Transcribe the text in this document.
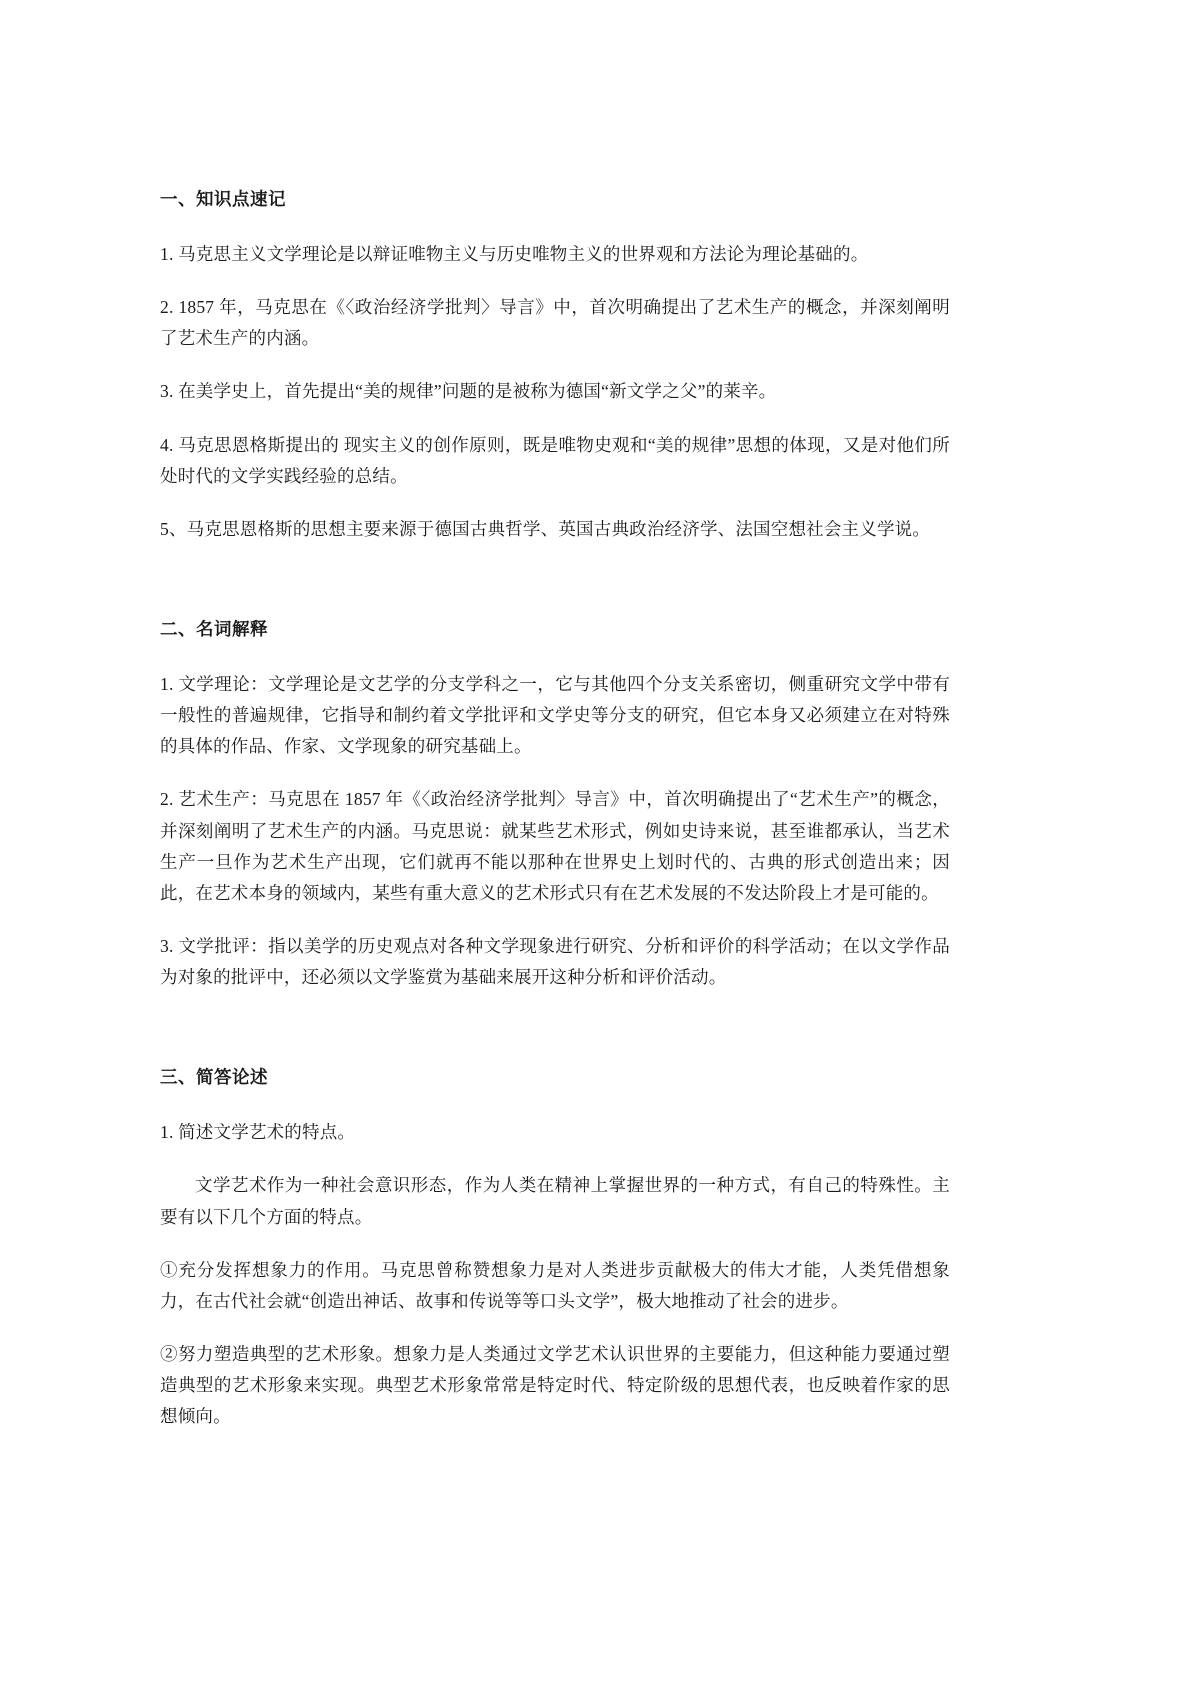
一、知识点速记

1. 马克思主义文学理论是以辩证唯物主义与历史唯物主义的世界观和方法论为理论基础的。

2. 1857 年，马克思在《〈政治经济学批判〉导言》中，首次明确提出了艺术生产的概念，并深刻阐明了艺术生产的内涵。

3. 在美学史上，首先提出“美的规律”问题的是被称为德国“新文学之父”的莱辛。

4. 马克思恩格斯提出的 现实主义的创作原则，既是唯物史观和“美的规律”思想的体现，又是对他们所处时代的文学实践经验的总结。

5、马克思恩格斯的思想主要来源于德国古典哲学、英国古典政治经济学、法国空想社会主义学说。

二、名词解释

1. 文学理论：文学理论是文艺学的分支学科之一，它与其他四个分支关系密切，侧重研究文学中带有一般性的普遍规律，它指导和制约着文学批评和文学史等分支的研究，但它本身又必须建立在对特殊的具体的作品、作家、文学现象的研究基础上。

2. 艺术生产：马克思在 1857 年《〈政治经济学批判〉导言》中，首次明确提出了“艺术生产”的概念，并深刻阐明了艺术生产的内涵。马克思说：就某些艺术形式，例如史诗来说，甚至谁都承认，当艺术生产一旦作为艺术生产出现，它们就再不能以那种在世界史上划时代的、古典的形式创造出来；因此，在艺术本身的领域内，某些有重大意义的艺术形式只有在艺术发展的不发达阶段上才是可能的。

3. 文学批评：指以美学的历史观点对各种文学现象进行研究、分析和评价的科学活动；在以文学作品为对象的批评中，还必须以文学鉴赏为基础来展开这种分析和评价活动。

三、简答论述

1. 简述文学艺术的特点。

文学艺术作为一种社会意识形态，作为人类在精神上掌握世界的一种方式，有自己的特殊性。主要有以下几个方面的特点。

①充分发挥想象力的作用。马克思曾称赞想象力是对人类进步贡献极大的伟大才能，人类凭借想象力，在古代社会就“创造出神话、故事和传说等等口头文学”，极大地推动了社会的进步。

②努力塑造典型的艺术形象。想象力是人类通过文学艺术认识世界的主要能力，但这种能力要通过塑造典型的艺术形象来实现。典型艺术形象常常是特定时代、特定阶级的思想代表，也反映着作家的思想倾向。
